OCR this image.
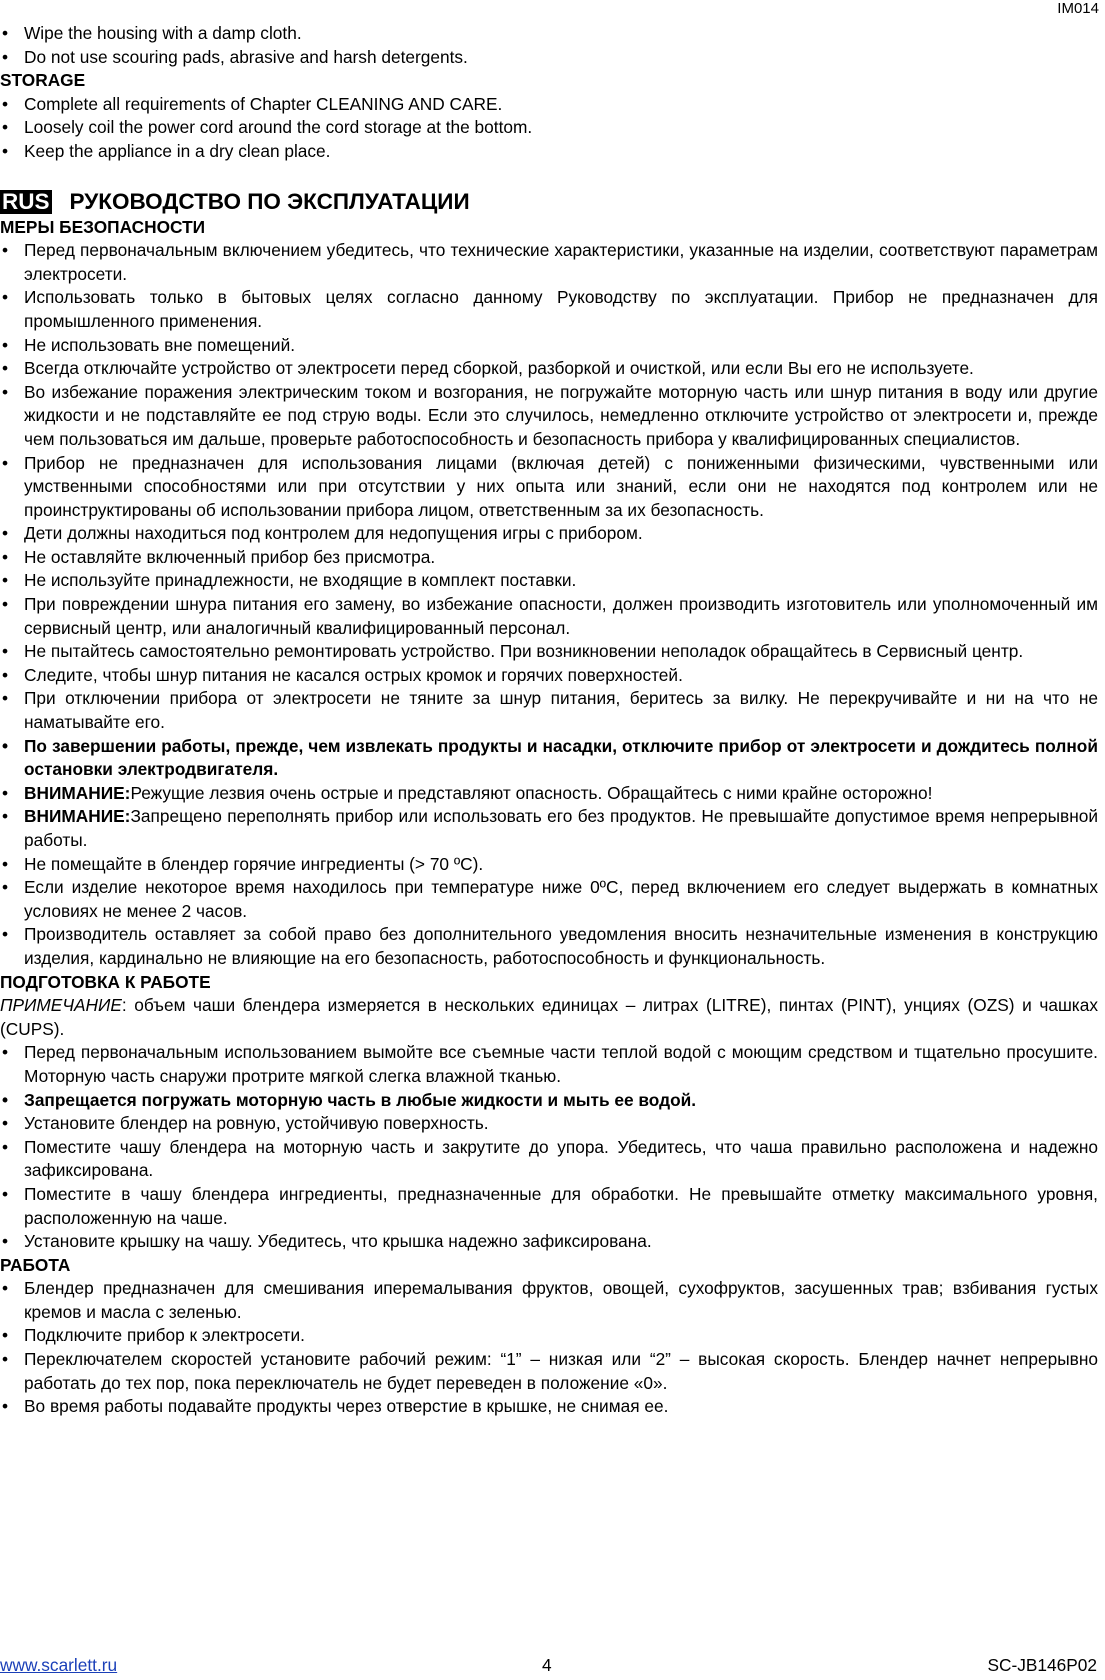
IM014

• Wipe the housing with a damp cloth.

• Do not use scouring pads, abrasive and harsh detergents.

STORAGE

• Complete all requirements of Chapter CLEANING AND CARE.

• Loosely coil the power cord around the cord storage at the bottom.

• Keep the appliance in a dry clean place.

RUS РУКОВОДСТВО ПО ЭКСПЛУАТАЦИИ

МЕРЫ БЕЗОПАСНОСТИ

• Перед первоначальным включением убедитесь, что технические характеристики, указанные на изделии, соответствуют параметрам электросети.

• Использовать только в бытовых целях согласно данному Руководству по эксплуатации. Прибор не предназначен для промышленного применения.

• Не использовать вне помещений.

• Всегда отключайте устройство от электросети перед сборкой, разборкой и очисткой, или если Вы его не используете.

• Во избежание поражения электрическим током и возгорания, не погружайте моторную часть или шнур питания в воду или другие жидкости и не подставляйте ее под струю воды. Если это случилось, немедленно отключите устройство от электросети и, прежде чем пользоваться им дальше, проверьте работоспособность и безопасность прибора у квалифицированных специалистов.

• Прибор не предназначен для использования лицами (включая детей) с пониженными физическими, чувственными или умственными способностями или при отсутствии у них опыта или знаний, если они не находятся под контролем или не проинструктированы об использовании прибора лицом, ответственным за их безопасность.

• Дети должны находиться под контролем для недопущения игры с прибором.

• Не оставляйте включенный прибор без присмотра.

• Не используйте принадлежности, не входящие в комплект поставки.

• При повреждении шнура питания его замену, во избежание опасности, должен производить изготовитель или уполномоченный им сервисный центр, или аналогичный квалифицированный персонал.

• Не пытайтесь самостоятельно ремонтировать устройство. При возникновении неполадок обращайтесь в Сервисный центр.

• Следите, чтобы шнур питания не касался острых кромок и горячих поверхностей.

• При отключении прибора от электросети не тяните за шнур питания, беритесь за вилку. Не перекручивайте и ни на что не наматывайте его.

• По завершении работы, прежде, чем извлекать продукты и насадки, отключите прибор от электросети и дождитесь полной остановки электродвигателя.

• ВНИМАНИЕ:Режущие лезвия очень острые и представляют опасность. Обращайтесь с ними крайне осторожно!

• ВНИМАНИЕ:Запрещено переполнять прибор или использовать его без продуктов. Не превышайте допустимое время непрерывной работы.

• Не помещайте в блендер горячие ингредиенты (> 70 ºС).

• Если изделие некоторое время находилось при температуре ниже 0ºC, перед включением его следует выдержать в комнатных условиях не менее 2 часов.

• Производитель оставляет за собой право без дополнительного уведомления вносить незначительные изменения в конструкцию изделия, кардинально не влияющие на его безопасность, работоспособность и функциональность.

ПОДГОТОВКА К РАБОТЕ

ПРИМЕЧАНИЕ: объем чаши блендера измеряется в нескольких единицах – литрах (LITRE), пинтах (PINT), унциях (OZS) и чашках (CUPS).

• Перед первоначальным использованием вымойте все съемные части теплой водой с моющим средством и тщательно просушите. Моторную часть снаружи протрите мягкой слегка влажной тканью.

• Запрещается погружать моторную часть в любые жидкости и мыть ее водой.

• Установите блендер на ровную, устойчивую поверхность.

• Поместите чашу блендера на моторную часть и закрутите до упора. Убедитесь, что чаша правильно расположена и надежно зафиксирована.

• Поместите в чашу блендера ингредиенты, предназначенные для обработки. Не превышайте отметку максимального уровня, расположенную на чаше.

• Установите крышку на чашу. Убедитесь, что крышка надежно зафиксирована.

РАБОТА

• Блендер предназначен для смешивания иперемалывания фруктов, овощей, сухофруктов, засушенных трав; взбивания густых кремов и масла с зеленью.

• Подключите прибор к электросети.

• Переключателем скоростей установите рабочий режим: “1” – низкая или “2” – высокая скорость. Блендер начнет непрерывно работать до тех пор, пока переключатель не будет переведен в положение «0».

• Во время работы подавайте продукты через отверстие в крышке, не снимая ее.

www.scarlett.ru	4	SC-JB146P02
